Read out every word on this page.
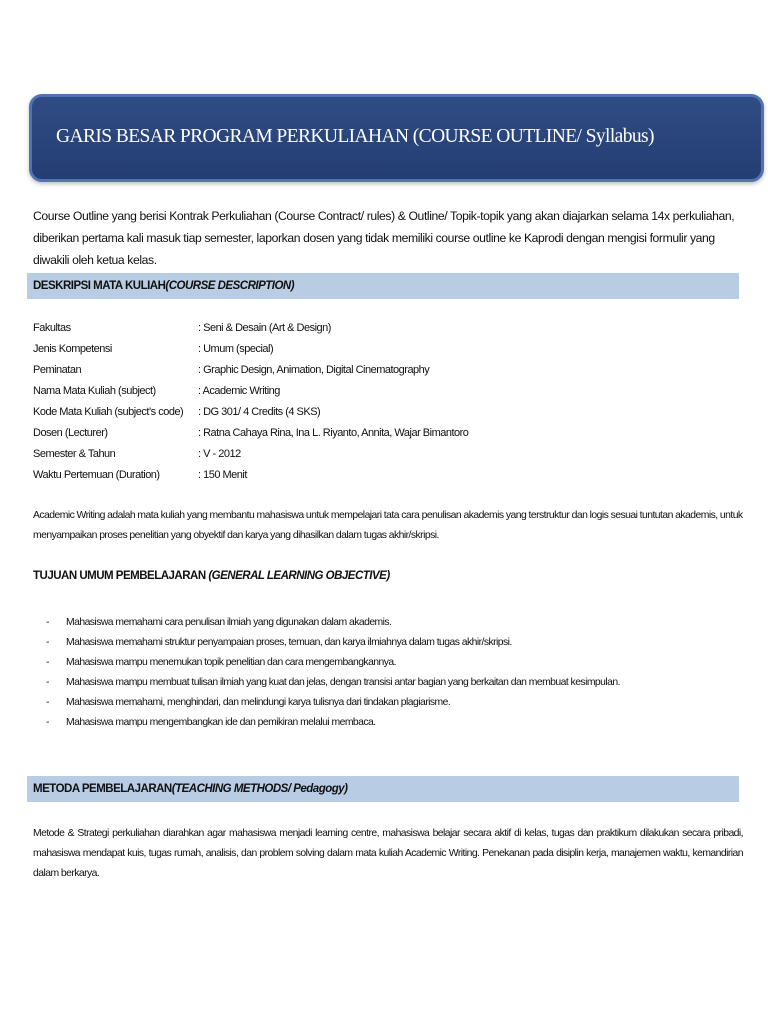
GARIS BESAR PROGRAM PERKULIAHAN (COURSE OUTLINE/ Syllabus)
Course Outline yang berisi Kontrak Perkuliahan (Course Contract/ rules) & Outline/ Topik-topik yang akan diajarkan selama 14x perkuliahan, diberikan pertama kali masuk tiap semester, laporkan dosen yang tidak memiliki course outline ke Kaprodi dengan mengisi formulir yang diwakili oleh ketua kelas.
DESKRIPSI MATA KULIAH (COURSE DESCRIPTION)
Fakultas	: Seni & Desain (Art & Design)
Jenis Kompetensi	: Umum (special)
Peminatan	: Graphic Design, Animation, Digital Cinematography
Nama Mata Kuliah (subject)	: Academic Writing
Kode Mata Kuliah (subject’s code)	: DG 301/ 4 Credits (4 SKS)
Dosen (Lecturer)	: Ratna Cahaya Rina, Ina L. Riyanto, Annita, Wajar Bimantoro
Semester & Tahun	: V - 2012
Waktu Pertemuan (Duration)	: 150 Menit
Academic Writing adalah mata kuliah yang membantu mahasiswa untuk mempelajari tata cara penulisan akademis yang terstruktur dan logis sesuai tuntutan akademis, untuk menyampaikan proses penelitian yang obyektif dan karya yang dihasilkan dalam tugas akhir/skripsi.
TUJUAN UMUM PEMBELAJARAN (GENERAL LEARNING OBJECTIVE)
-	Mahasiswa memahami cara penulisan ilmiah yang digunakan dalam akademis.
-	Mahasiswa memahami struktur penyampaian proses, temuan, dan karya ilmiahnya dalam tugas akhir/skripsi.
-	Mahasiswa mampu menemukan topik penelitian dan cara mengembangkannya.
-	Mahasiswa mampu membuat tulisan ilmiah yang kuat dan jelas, dengan transisi antar bagian yang berkaitan dan membuat kesimpulan.
-	Mahasiswa memahami, menghindari, dan melindungi karya tulisnya dari tindakan plagiarisme.
-	Mahasiswa mampu mengembangkan ide dan pemikiran melalui membaca.
METODA PEMBELAJARAN (TEACHING METHODS/ Pedagogy)
Metode & Strategi perkuliahan diarahkan agar mahasiswa menjadi learning centre, mahasiswa belajar secara aktif di kelas, tugas dan praktikum dilakukan secara pribadi, mahasiswa mendapat kuis, tugas rumah, analisis, dan problem solving dalam mata kuliah Academic Writing. Penekanan pada disiplin kerja, manajemen waktu, kemandirian dalam berkarya.
